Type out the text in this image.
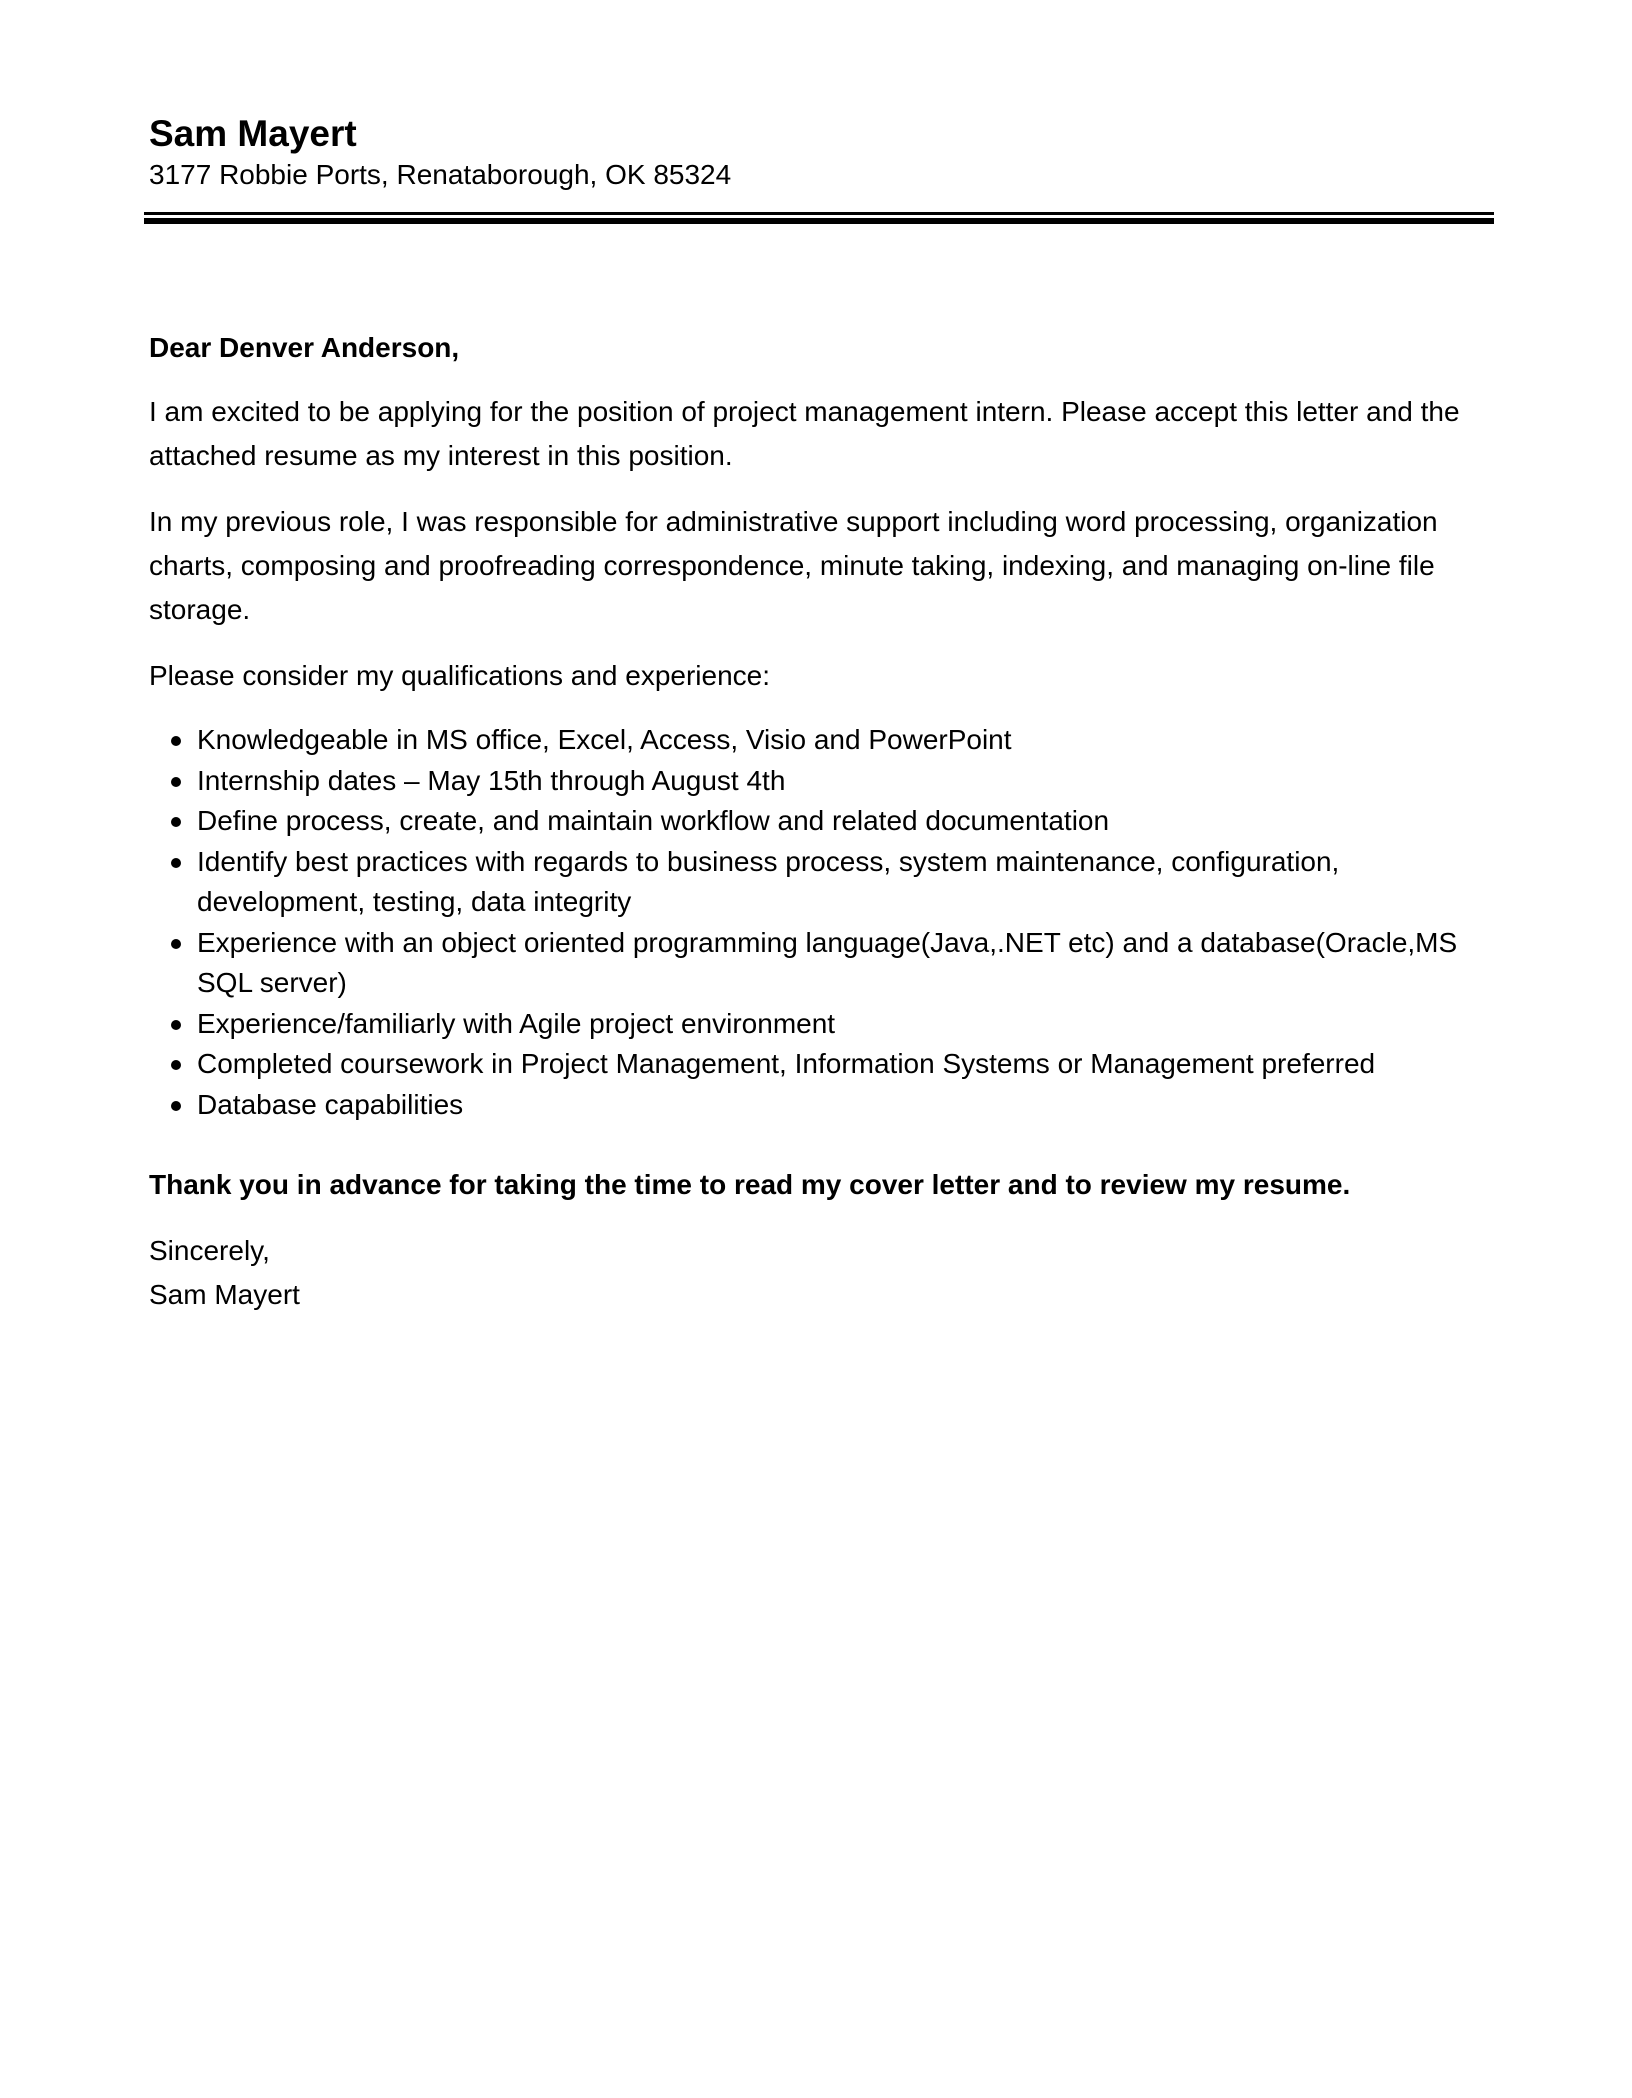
Sam Mayert

3177 Robbie Ports, Renataborough, OK 85324

Dear Denver Anderson,

I am excited to be applying for the position of project management intern. Please accept this letter and the attached resume as my interest in this position.

In my previous role, I was responsible for administrative support including word processing, organization charts, composing and proofreading correspondence, minute taking, indexing, and managing on-line file storage.

Please consider my qualifications and experience:

Knowledgeable in MS office, Excel, Access, Visio and PowerPoint
Internship dates – May 15th through August 4th
Define process, create, and maintain workflow and related documentation
Identify best practices with regards to business process, system maintenance, configuration, development, testing, data integrity
Experience with an object oriented programming language(Java,.NET etc) and a database(Oracle,MS SQL server)
Experience/familiarly with Agile project environment
Completed coursework in Project Management, Information Systems or Management preferred
Database capabilities

Thank you in advance for taking the time to read my cover letter and to review my resume.

Sincerely,

Sam Mayert
